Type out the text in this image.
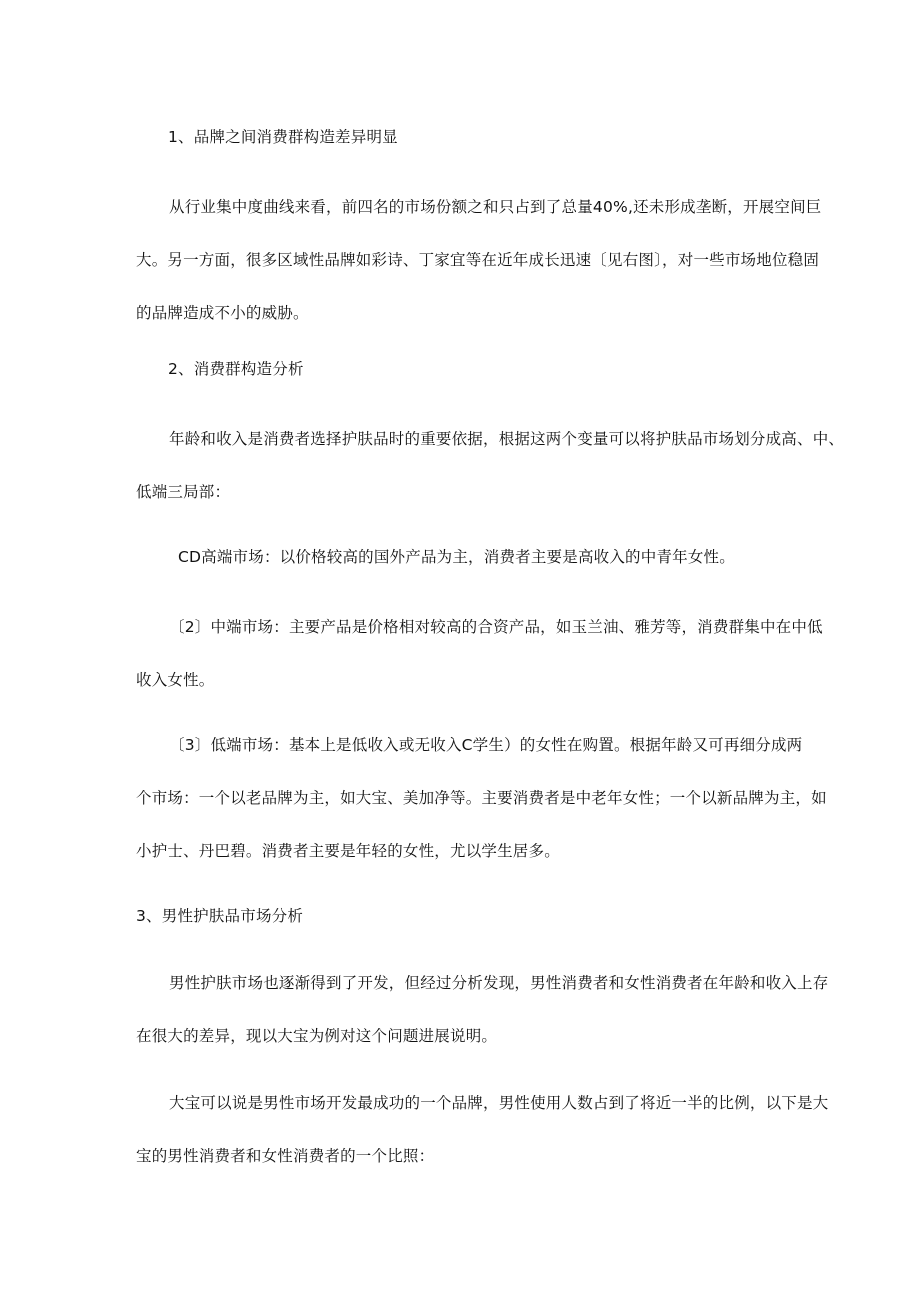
1、品牌之间消费群构造差异明显

从行业集中度曲线来看，前四名的市场份额之和只占到了总量40%,还未形成垄断，开展空间巨
大。另一方面，很多区域性品牌如彩诗、丁家宜等在近年成长迅速〔见右图〕，对一些市场地位稳固
的品牌造成不小的威胁。

2、消费群构造分析

年龄和收入是消费者选择护肤品时的重要依据，根据这两个变量可以将护肤品市场划分成高、中、
低端三局部：

CD高端市场：以价格较高的国外产品为主，消费者主要是高收入的中青年女性。

〔2〕中端市场：主要产品是价格相对较高的合资产品，如玉兰油、雅芳等，消费群集中在中低
收入女性。

〔3〕低端市场：基本上是低收入或无收入C学生）的女性在购置。根据年龄又可再细分成两
个市场：一个以老品牌为主，如大宝、美加净等。主要消费者是中老年女性；一个以新品牌为主，如
小护士、丹巴碧。消费者主要是年轻的女性，尤以学生居多。

3、男性护肤品市场分析

男性护肤市场也逐渐得到了开发，但经过分析发现，男性消费者和女性消费者在年龄和收入上存
在很大的差异，现以大宝为例对这个问题进展说明。

大宝可以说是男性市场开发最成功的一个品牌，男性使用人数占到了将近一半的比例，以下是大
宝的男性消费者和女性消费者的一个比照：
